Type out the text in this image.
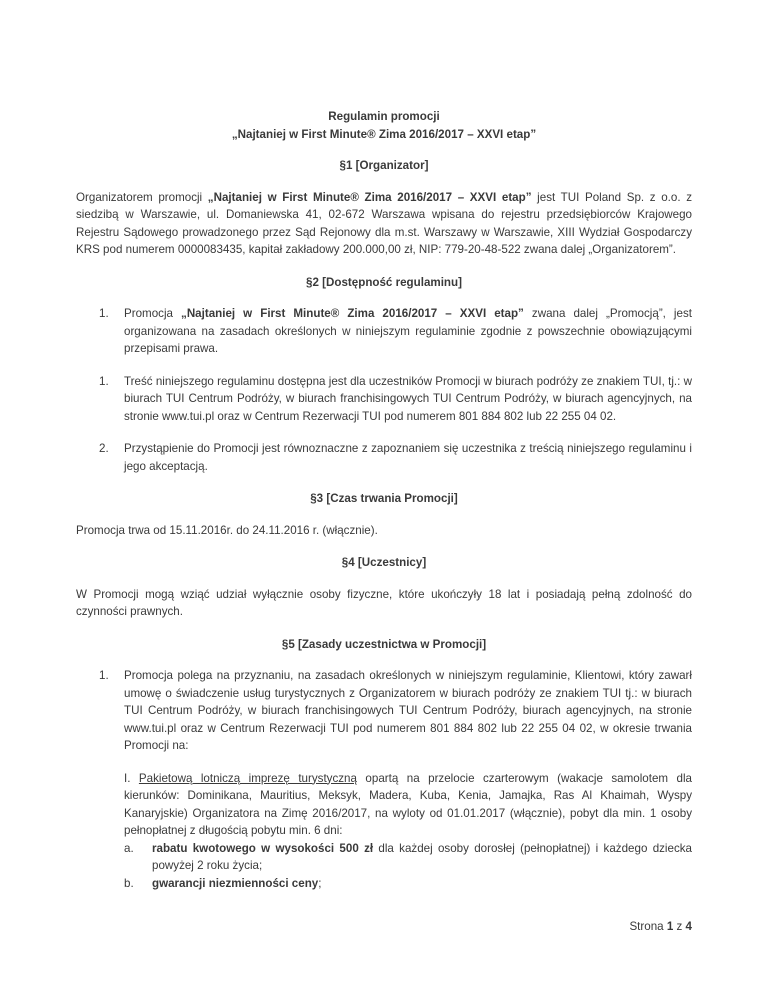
Regulamin promocji
„Najtaniej w First Minute® Zima 2016/2017 – XXVI etap”
§1 [Organizator]

Organizatorem promocji „Najtaniej w First Minute® Zima 2016/2017 – XXVI etap” jest TUI Poland Sp. z o.o. z siedzibą w Warszawie, ul. Domaniewska 41, 02-672 Warszawa wpisana do rejestru przedsiębiorców Krajowego Rejestru Sądowego prowadzonego przez Sąd Rejonowy dla m.st. Warszawy w Warszawie, XIII Wydział Gospodarczy KRS pod numerem 0000083435, kapitał zakładowy 200.000,00 zł, NIP: 779-20-48-522 zwana dalej „Organizatorem”.

§2 [Dostępność regulaminu]
1. Promocja „Najtaniej w First Minute® Zima 2016/2017 – XXVI etap” zwana dalej „Promocją”, jest organizowana na zasadach określonych w niniejszym regulaminie zgodnie z powszechnie obowiązującymi przepisami prawa.
1. Treść niniejszego regulaminu dostępna jest dla uczestników Promocji w biurach podróży ze znakiem TUI, tj.: w biurach TUI Centrum Podróży, w biurach franchisingowych TUI Centrum Podróży, w biurach agencyjnych, na stronie www.tui.pl oraz w Centrum Rezerwacji TUI pod numerem 801 884 802 lub 22 255 04 02.
2. Przystąpienie do Promocji jest równoznaczne z zapoznaniem się uczestnika z treścią niniejszego regulaminu i jego akceptacją.
§3 [Czas trwania Promocji]

Promocja trwa od 15.11.2016r. do 24.11.2016 r. (włącznie).

§4 [Uczestnicy]

W Promocji mogą wziąć udział wyłącznie osoby fizyczne, które ukończyły 18 lat i posiadają pełną zdolność do czynności prawnych.

§5 [Zasady uczestnictwa w Promocji]
1. Promocja polega na przyznaniu, na zasadach określonych w niniejszym regulaminie, Klientowi, który zawarł umowę o świadczenie usług turystycznych z Organizatorem w biurach podróży ze znakiem TUI tj.: w biurach TUI Centrum Podróży, w biurach franchisingowych TUI Centrum Podróży, biurach agencyjnych, na stronie www.tui.pl oraz w Centrum Rezerwacji TUI pod numerem 801 884 802 lub 22 255 04 02, w okresie trwania Promocji na:

I. Pakietową lotniczą imprezę turystyczną opartą na przelocie czarterowym (wakacje samolotem dla kierunków: Dominikana, Mauritius, Meksyk, Madera, Kuba, Kenia, Jamajka, Ras Al Khaimah, Wyspy Kanaryjskie) Organizatora na Zimę 2016/2017, na wyloty od 01.01.2017 (włącznie), pobyt dla min. 1 osoby pełnopłatnej z długością pobytu min. 6 dni:

a. rabatu kwotowego w wysokości 500 zł dla każdej osoby dorosłej (pełnopłatnej) i każdego dziecka powyżej 2 roku życia;
b. gwarancji niezmienności ceny;
Strona 1 z 4
